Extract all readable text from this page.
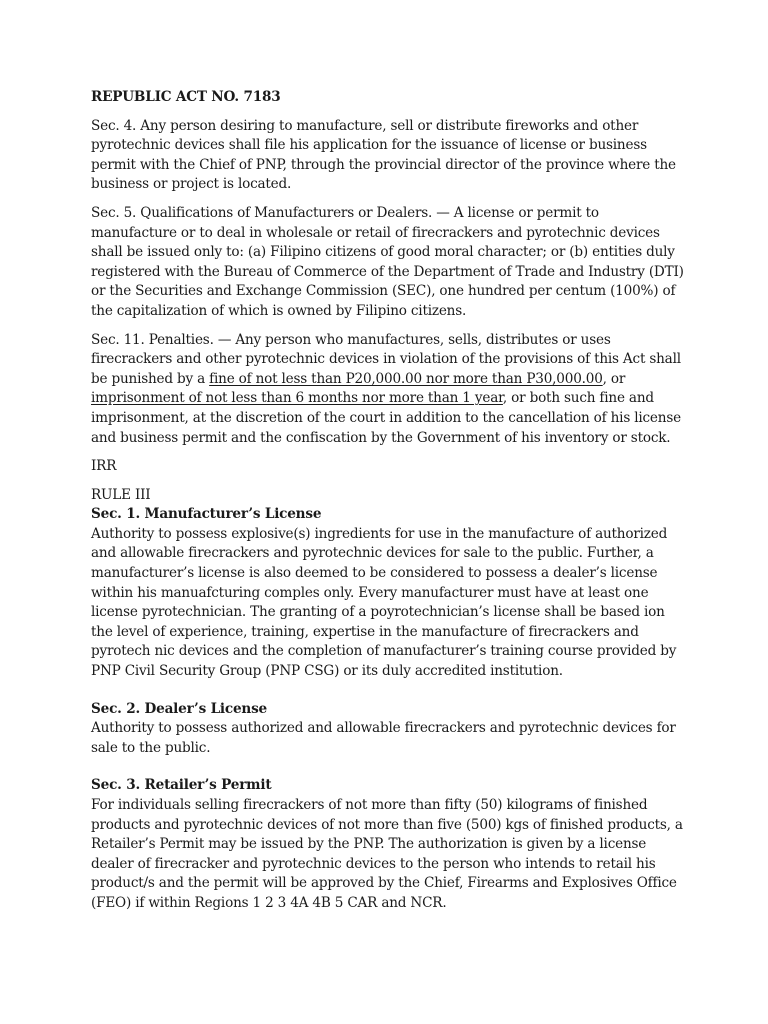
REPUBLIC ACT NO. 7183

Sec. 4. Any person desiring to manufacture, sell or distribute fireworks and other pyrotechnic devices shall file his application for the issuance of license or business permit with the Chief of PNP, through the provincial director of the province where the business or project is located.

Sec. 5. Qualifications of Manufacturers or Dealers. — A license or permit to manufacture or to deal in wholesale or retail of firecrackers and pyrotechnic devices shall be issued only to: (a) Filipino citizens of good moral character; or (b) entities duly registered with the Bureau of Commerce of the Department of Trade and Industry (DTI) or the Securities and Exchange Commission (SEC), one hundred per centum (100%) of the capitalization of which is owned by Filipino citizens.

Sec. 11. Penalties. — Any person who manufactures, sells, distributes or uses firecrackers and other pyrotechnic devices in violation of the provisions of this Act shall be punished by a fine of not less than P20,000.00 nor more than P30,000.00, or imprisonment of not less than 6 months nor more than 1 year, or both such fine and imprisonment, at the discretion of the court in addition to the cancellation of his license and business permit and the confiscation by the Government of his inventory or stock.

IRR

RULE III
Sec. 1. Manufacturer’s License
Authority to possess explosive(s) ingredients for use in the manufacture of authorized and allowable firecrackers and pyrotechnic devices for sale to the public. Further, a manufacturer’s license is also deemed to be considered to possess a dealer’s license within his manuafcturing comples only. Every manufacturer must have at least one license pyrotechnician. The granting of a poyrotechnician’s license shall be based ion the level of experience, training, expertise in the manufacture of firecrackers and pyrotech nic devices and the completion of manufacturer’s training course provided by PNP Civil Security Group (PNP CSG) or its duly accredited institution.
Sec. 2. Dealer’s License
Authority to possess authorized and allowable firecrackers and pyrotechnic devices for sale to the public.
Sec. 3. Retailer’s Permit
For individuals selling firecrackers of not more than fifty (50) kilograms of finished products and pyrotechnic devices of not more than five (500) kgs of finished products, a Retailer’s Permit may be issued by the PNP. The authorization is given by a license dealer of firecracker and pyrotechnic devices to the person who intends to retail his product/s and the permit will be approved by the Chief, Firearms and Explosives Office (FEO) if within Regions 1 2 3 4A 4B 5 CAR and NCR.
